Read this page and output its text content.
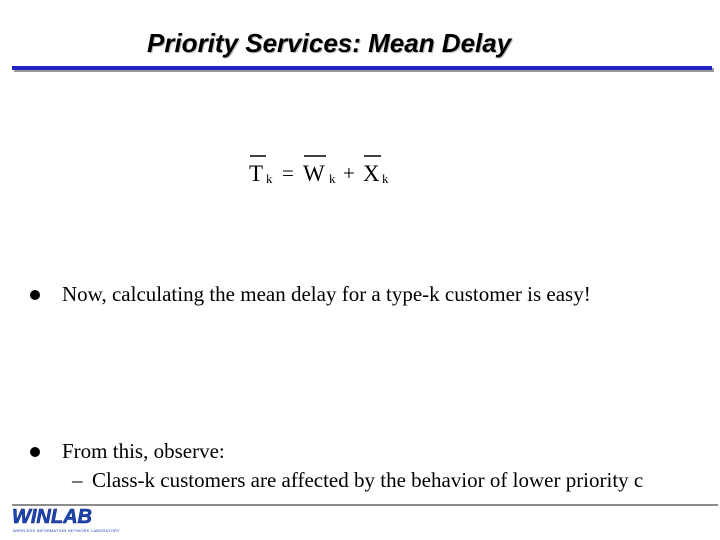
Priority Services: Mean Delay
T k = W k + X k
Now, calculating the mean delay for a type-k customer is easy!
From this, observe:
– Class-k customers are affected by the behavior of lower priority c
WINLAB
WIRELESS INFORMATION NETWORK LABORATORY
